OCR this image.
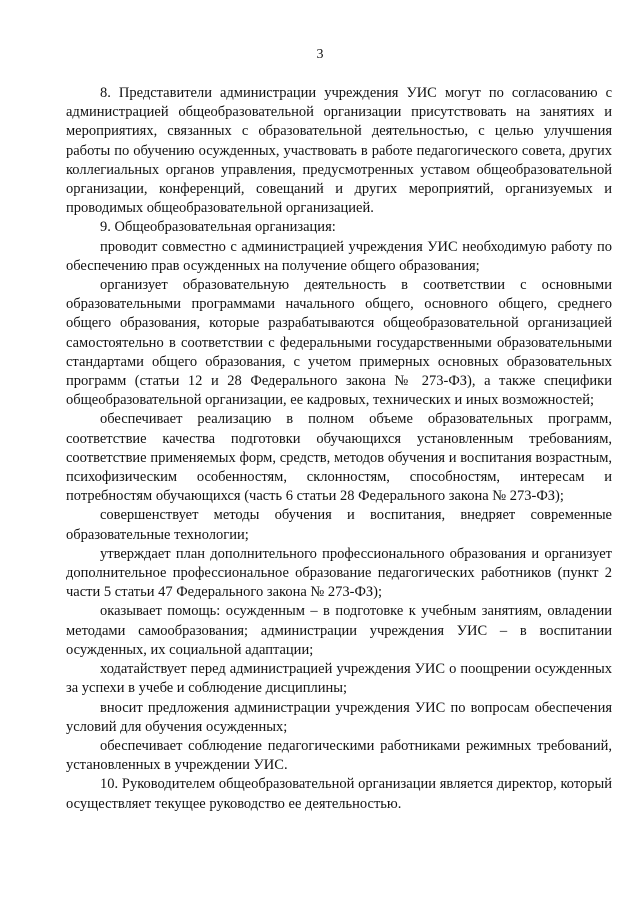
3

8. Представители администрации учреждения УИС могут по согласованию с администрацией общеобразовательной организации присутствовать на занятиях и мероприятиях, связанных с образовательной деятельностью, с целью улучшения работы по обучению осужденных, участвовать в работе педагогического совета, других коллегиальных органов управления, предусмотренных уставом общеобразовательной организации, конференций, совещаний и других мероприятий, организуемых и проводимых общеобразовательной организацией.

9. Общеобразовательная организация:

проводит совместно с администрацией учреждения УИС необходимую работу по обеспечению прав осужденных на получение общего образования;

организует образовательную деятельность в соответствии с основными образовательными программами начального общего, основного общего, среднего общего образования, которые разрабатываются общеобразовательной организацией самостоятельно в соответствии с федеральными государственными образовательными стандартами общего образования, с учетом примерных основных образовательных программ (статьи 12 и 28 Федерального закона № 273-ФЗ), а также специфики общеобразовательной организации, ее кадровых, технических и иных возможностей;

обеспечивает реализацию в полном объеме образовательных программ, соответствие качества подготовки обучающихся установленным требованиям, соответствие применяемых форм, средств, методов обучения и воспитания возрастным, психофизическим особенностям, склонностям, способностям, интересам и потребностям обучающихся (часть 6 статьи 28 Федерального закона № 273-ФЗ);

совершенствует методы обучения и воспитания, внедряет современные образовательные технологии;

утверждает план дополнительного профессионального образования и организует дополнительное профессиональное образование педагогических работников (пункт 2 части 5 статьи 47 Федерального закона № 273-ФЗ);

оказывает помощь: осужденным – в подготовке к учебным занятиям, овладении методами самообразования; администрации учреждения УИС – в воспитании осужденных, их социальной адаптации;

ходатайствует перед администрацией учреждения УИС о поощрении осужденных за успехи в учебе и соблюдение дисциплины;

вносит предложения администрации учреждения УИС по вопросам обеспечения условий для обучения осужденных;

обеспечивает соблюдение педагогическими работниками режимных требований, установленных в учреждении УИС.

10. Руководителем общеобразовательной организации является директор, который осуществляет текущее руководство ее деятельностью.
